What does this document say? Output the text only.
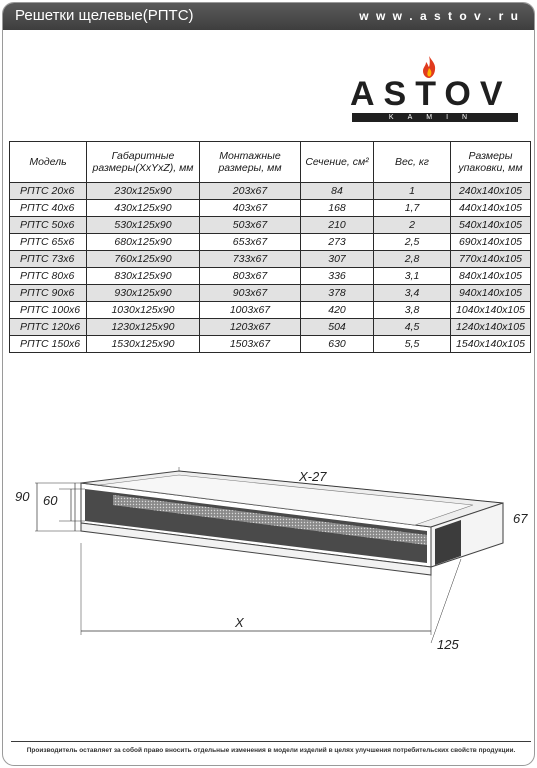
Решетки щелевые(РПТС)	w w w . a s t o v . r u
ASTOV
KAMIN
Модель	Габаритные размеры(XxYxZ), мм	Монтажные размеры, мм	Сечение, см²	Вес, кг	Размеры упаковки, мм
РПТС 20х6	230х125х90	203х67	84	1	240х140х105
РПТС 40х6	430х125х90	403х67	168	1,7	440х140х105
РПТС 50х6	530х125х90	503х67	210	2	540х140х105
РПТС 65х6	680х125х90	653х67	273	2,5	690х140х105
РПТС 73х6	760х125х90	733х67	307	2,8	770х140х105
РПТС 80х6	830х125х90	803х67	336	3,1	840х140х105
РПТС 90х6	930х125х90	903х67	378	3,4	940х140х105
РПТС 100х6	1030х125х90	1003х67	420	3,8	1040х140х105
РПТС 120х6	1230х125х90	1203х67	504	4,5	1240х140х105
РПТС 150х6	1530х125х90	1503х67	630	5,5	1540х140х105
X-27
90 60
67
X
125
Производитель оставляет за собой право вносить отдельные изменения в модели изделий в целях улучшения потребительских свойств продукции.
